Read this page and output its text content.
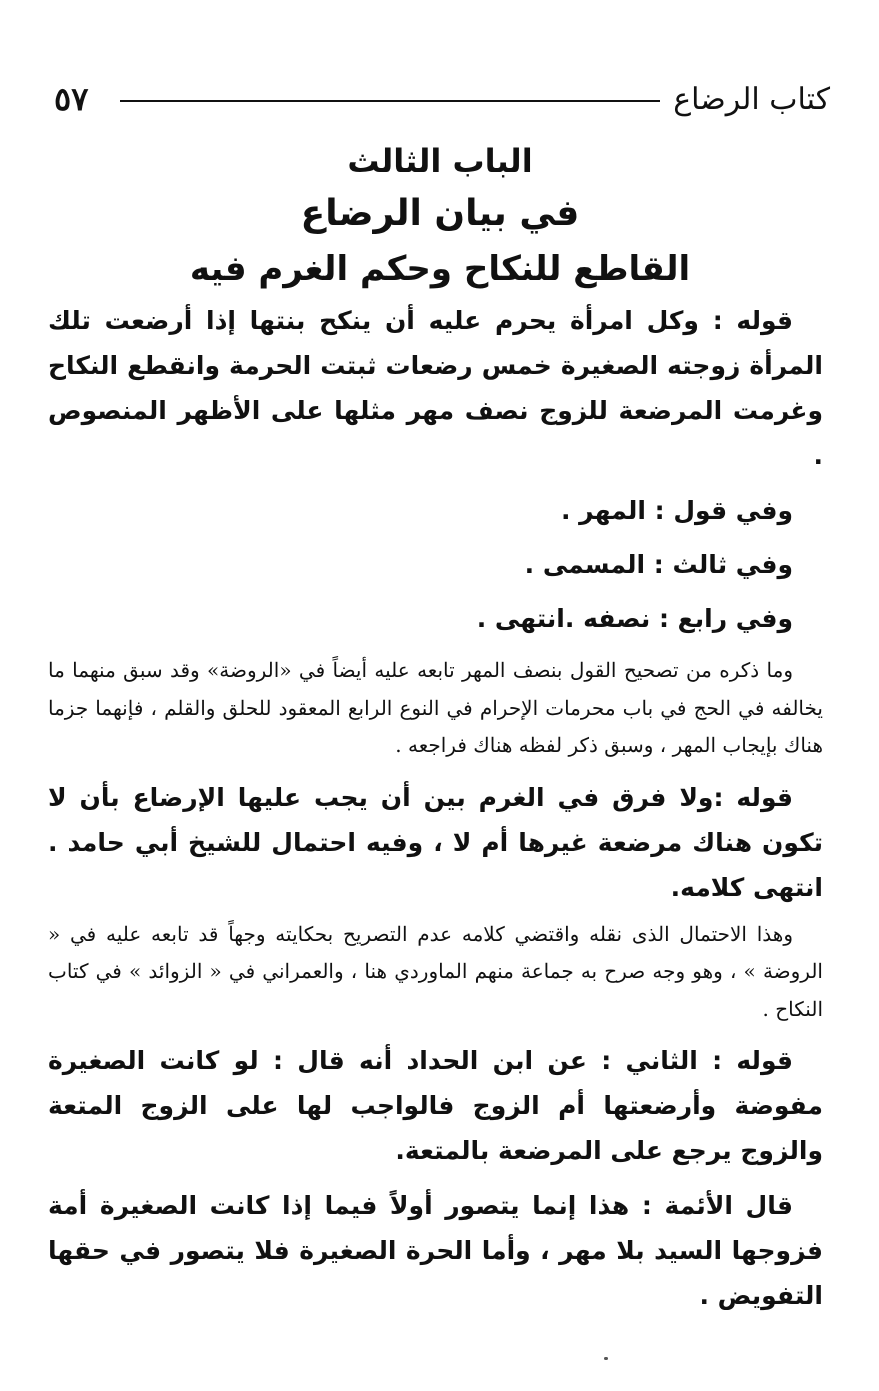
كتاب الرضاع
٥٧
الباب الثالث
في بيان الرضاع
القاطع للنكاح وحكم الغرم فيه

قوله : وكل امرأة يحرم عليه أن ينكح بنتها إذا أرضعت تلك المرأة زوجته الصغيرة خمس رضعات ثبتت الحرمة وانقطع النكاح وغرمت المرضعة للزوج نصف مهر مثلها على الأظهر المنصوص .

وفي قول : المهر .

وفي ثالث : المسمى .

وفي رابع : نصفه .انتهى .

وما ذكره من تصحيح القول بنصف المهر تابعه عليه أيضاً في «الروضة» وقد سبق منهما ما يخالفه في الحج في باب محرمات الإحرام في النوع الرابع المعقود للحلق والقلم ، فإنهما جزما هناك بإيجاب المهر ، وسبق ذكر لفظه هناك فراجعه .

قوله :ولا فرق في الغرم بين أن يجب عليها الإرضاع بأن لا تكون هناك مرضعة غيرها أم لا ، وفيه احتمال للشيخ أبي حامد . انتهى كلامه.

وهذا الاحتمال الذى نقله واقتضي كلامه عدم التصريح بحكايته وجهاً قد تابعه عليه في « الروضة » ، وهو وجه صرح به جماعة منهم الماوردي هنا ، والعمراني في « الزوائد » في كتاب النكاح .

قوله : الثاني : عن ابن الحداد أنه قال : لو كانت الصغيرة مفوضة وأرضعتها أم الزوج فالواجب لها على الزوج المتعة والزوج يرجع على المرضعة بالمتعة.

قال الأئمة : هذا إنما يتصور أولاً فيما إذا كانت الصغيرة أمة فزوجها السيد بلا مهر ، وأما الحرة الصغيرة فلا يتصور في حقها التفويض .
